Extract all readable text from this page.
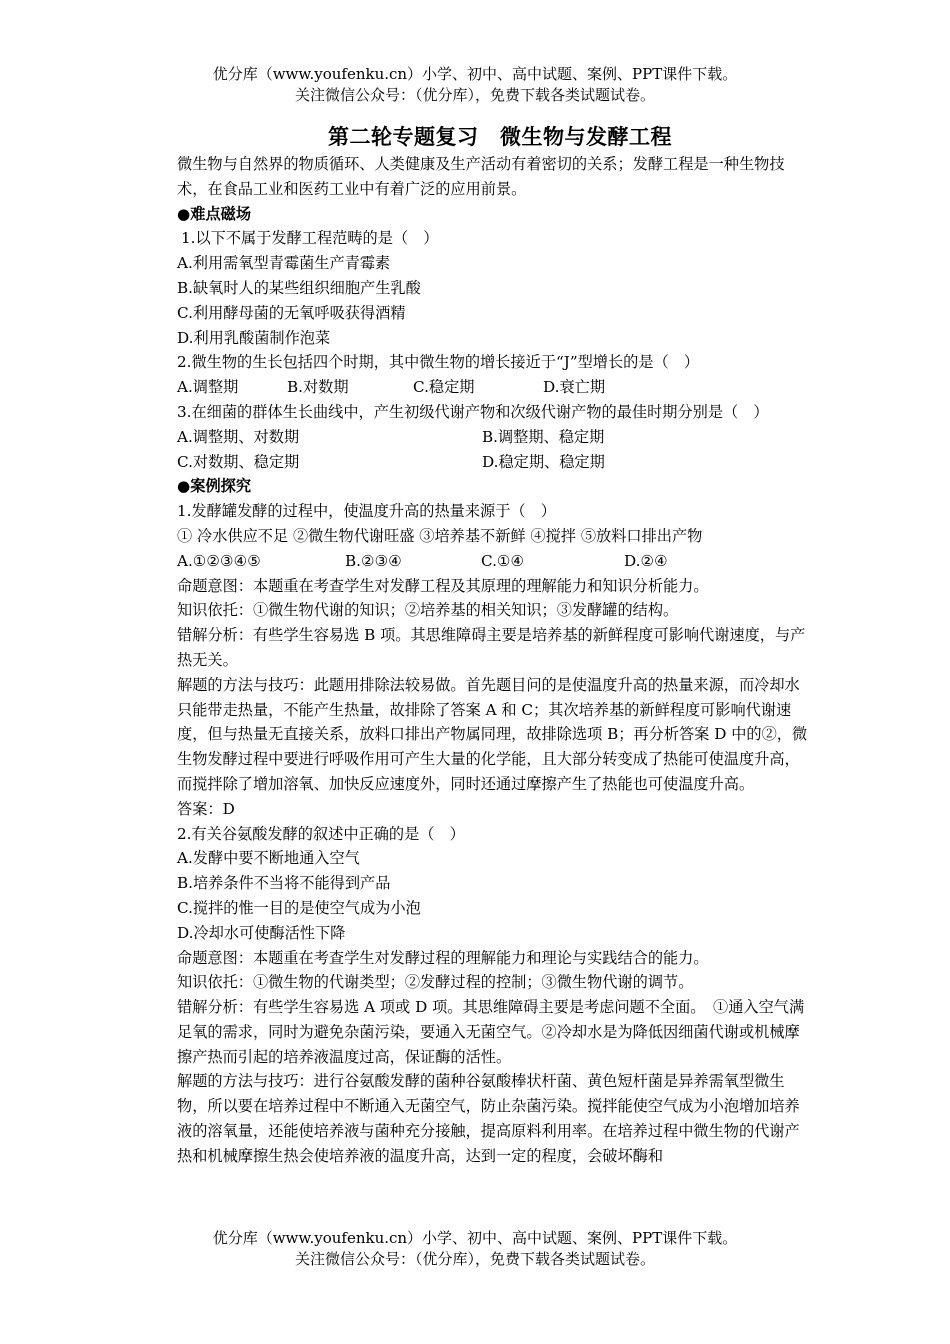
优分库（www.youfenku.cn）小学、初中、高中试题、案例、PPT课件下载。
关注微信公众号：（优分库），免费下载各类试题试卷。
第二轮专题复习　微生物与发酵工程

微生物与自然界的物质循环、人类健康及生产活动有着密切的关系；发酵工程是一种生物技术，在食品工业和医药工业中有着广泛的应用前景。

●难点磁场

1.以下不属于发酵工程范畴的是（　）

A.利用需氧型青霉菌生产青霉素

B.缺氧时人的某些组织细胞产生乳酸

C.利用酵母菌的无氧呼吸获得酒精

D.利用乳酸菌制作泡菜

2.微生物的生长包括四个时期，其中微生物的增长接近于“J”型增长的是（　）

A.调整期	B.对数期	C.稳定期	D.衰亡期

3.在细菌的群体生长曲线中，产生初级代谢产物和次级代谢产物的最佳时期分别是（　）

A.调整期、对数期	B.调整期、稳定期

C.对数期、稳定期	D.稳定期、稳定期

●案例探究

1.发酵罐发酵的过程中，使温度升高的热量来源于（　）

① 冷水供应不足 ②微生物代谢旺盛 ③培养基不新鲜 ④搅拌 ⑤放料口排出产物

A.①②③④⑤	B.②③④	C.①④	D.②④

命题意图：本题重在考查学生对发酵工程及其原理的理解能力和知识分析能力。

知识依托：①微生物代谢的知识；②培养基的相关知识；③发酵罐的结构。

错解分析：有些学生容易选 B 项。其思维障碍主要是培养基的新鲜程度可影响代谢速度，与产热无关。

解题的方法与技巧：此题用排除法较易做。首先题目问的是使温度升高的热量来源，而冷却水只能带走热量，不能产生热量，故排除了答案 A 和 C；其次培养基的新鲜程度可影响代谢速度，但与热量无直接关系，放料口排出产物属同理，故排除选项 B；再分析答案 D 中的②，微生物发酵过程中要进行呼吸作用可产生大量的化学能，且大部分转变成了热能可使温度升高，而搅拌除了增加溶氧、加快反应速度外，同时还通过摩擦产生了热能也可使温度升高。

答案：D

2.有关谷氨酸发酵的叙述中正确的是（　）

A.发酵中要不断地通入空气

B.培养条件不当将不能得到产品

C.搅拌的惟一目的是使空气成为小泡

D.冷却水可使酶活性下降

命题意图：本题重在考查学生对发酵过程的理解能力和理论与实践结合的能力。

知识依托：①微生物的代谢类型；②发酵过程的控制；③微生物代谢的调节。

错解分析：有些学生容易选 A 项或 D 项。其思维障碍主要是考虑问题不全面。　①通入空气满足氧的需求，同时为避免杂菌污染，要通入无菌空气。②冷却水是为降低因细菌代谢或机械摩擦产热而引起的培养液温度过高，保证酶的活性。

解题的方法与技巧：进行谷氨酸发酵的菌种谷氨酸棒状杆菌、黄色短杆菌是异养需氧型微生物，所以要在培养过程中不断通入无菌空气，防止杂菌污染。搅拌能使空气成为小泡增加培养液的溶氧量，还能使培养液与菌种充分接触，提高原料利用率。在培养过程中微生物的代谢产热和机械摩擦生热会使培养液的温度升高，达到一定的程度，会破坏酶和

优分库（www.youfenku.cn）小学、初中、高中试题、案例、PPT课件下载。
关注微信公众号：（优分库），免费下载各类试题试卷。
